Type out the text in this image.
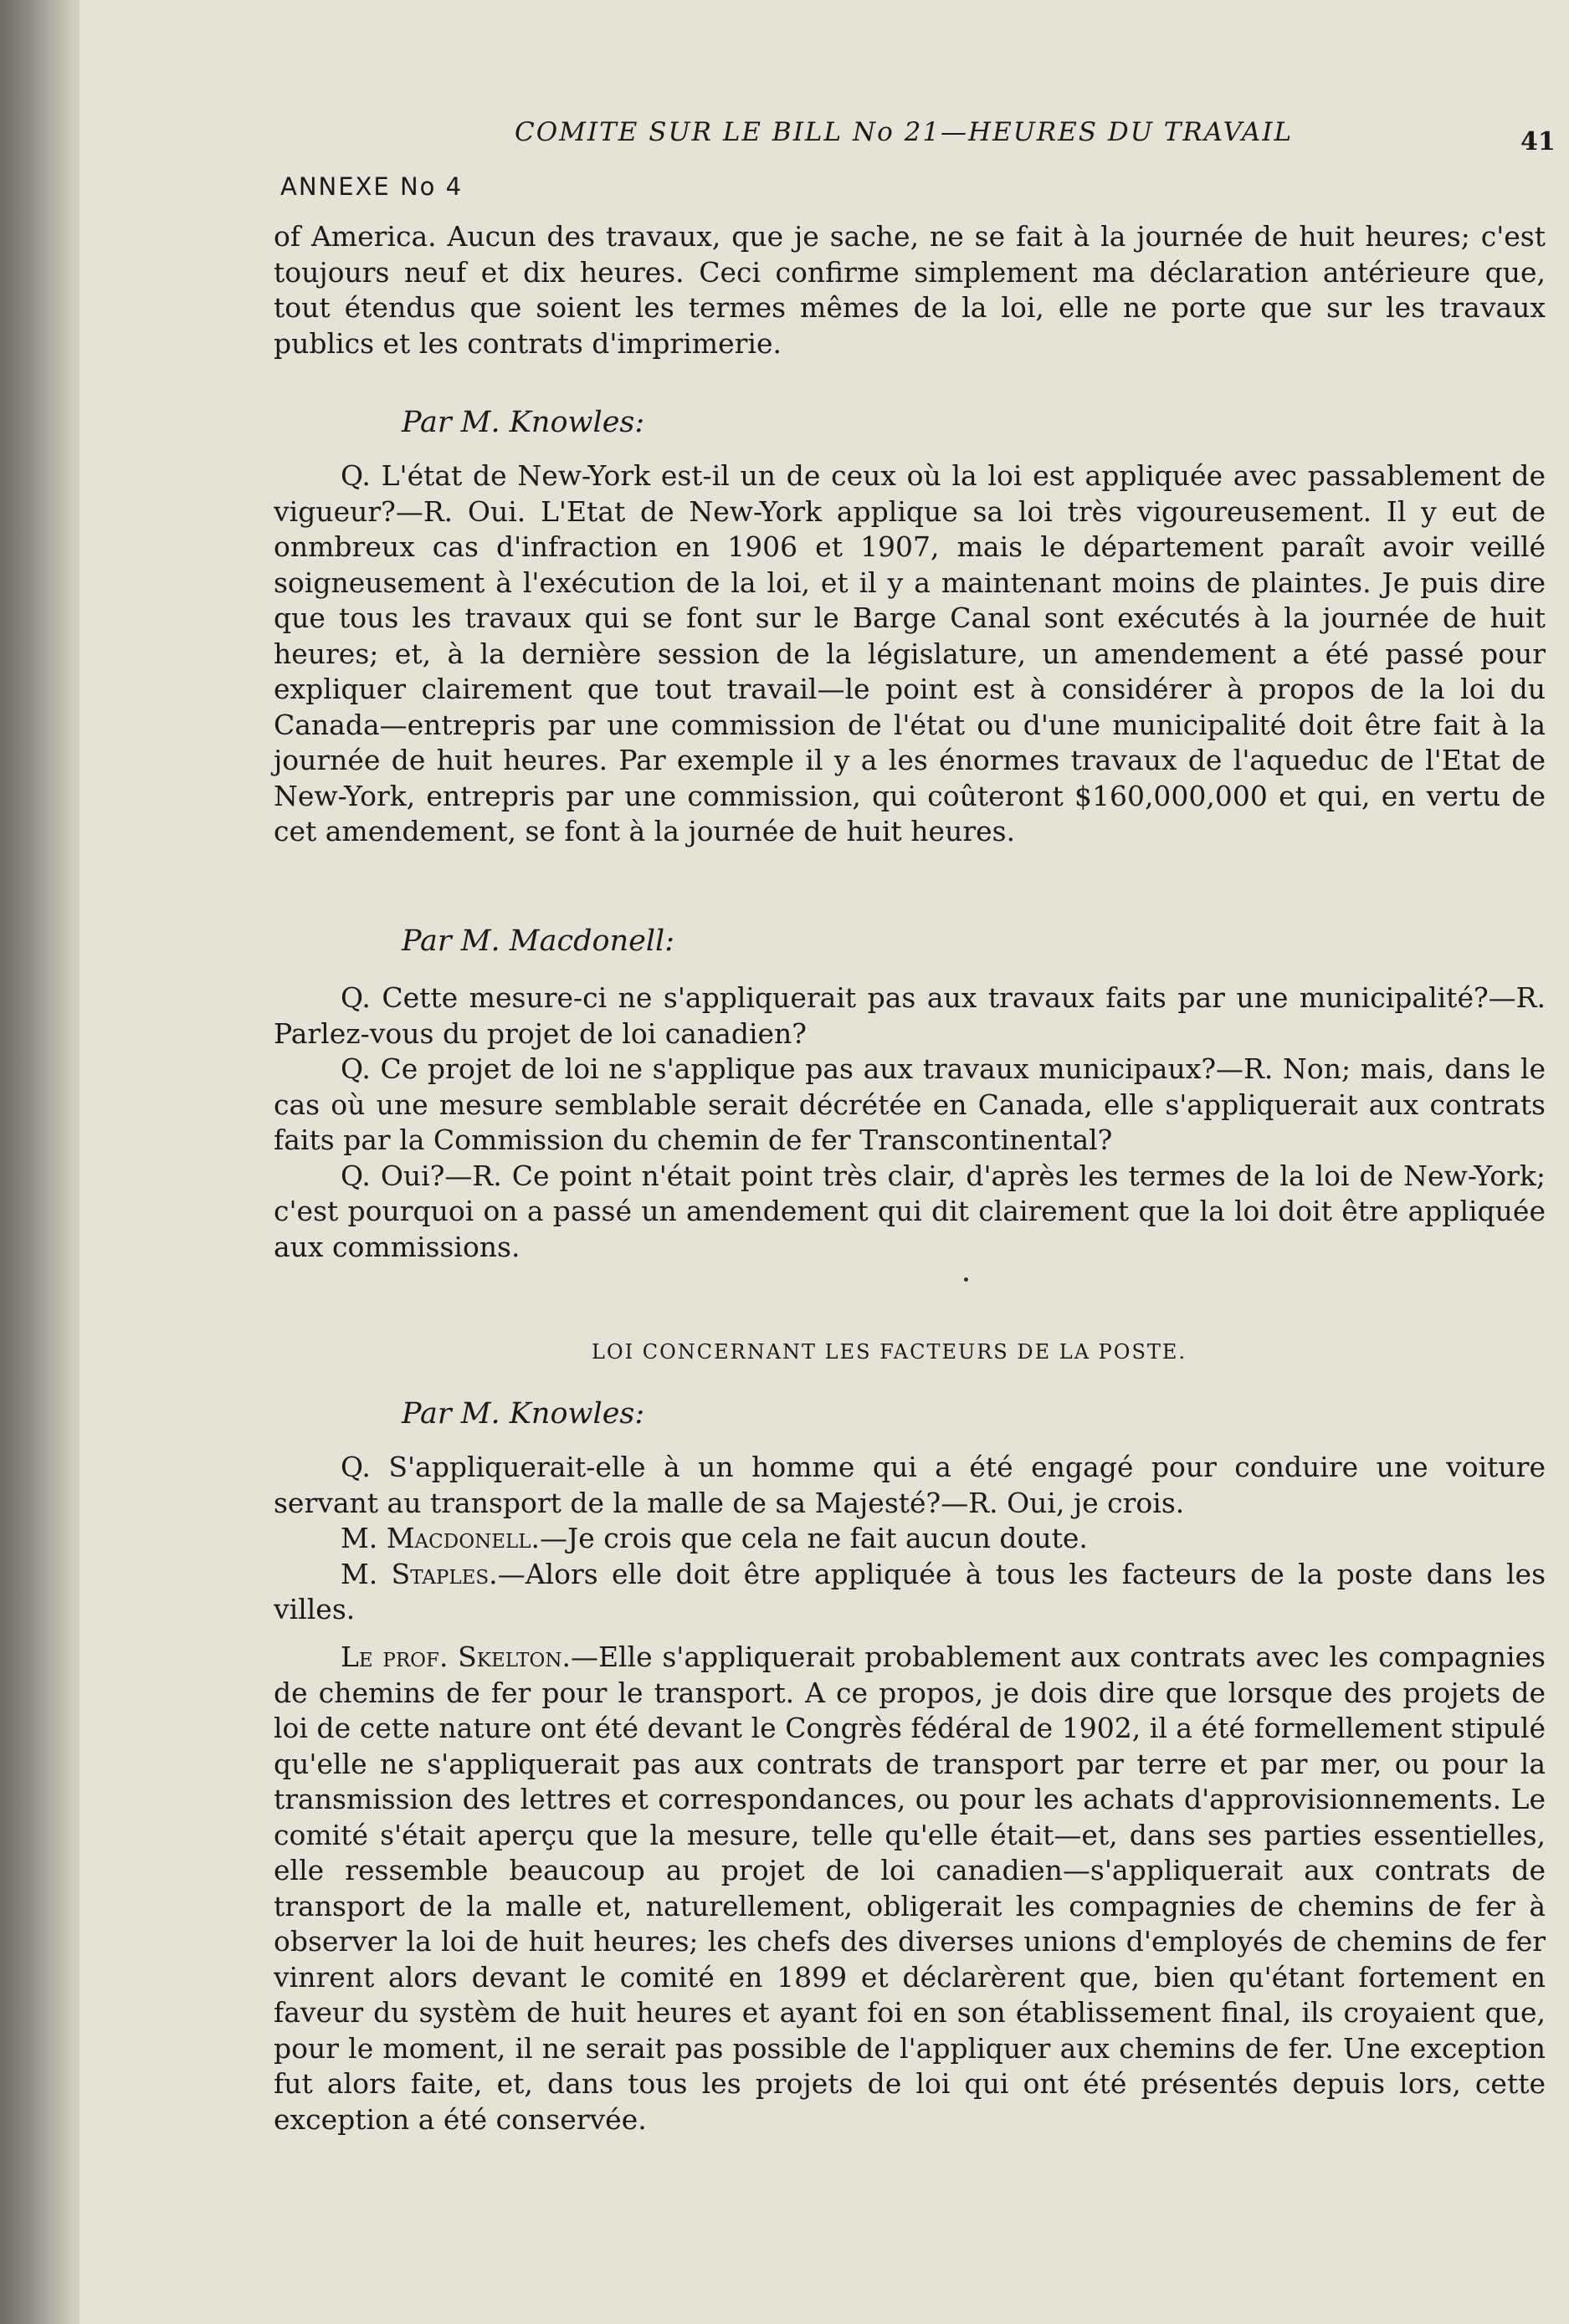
COMITE SUR LE BILL No 21—HEURES DU TRAVAIL	41
ANNEXE No 4

of America. Aucun des travaux, que je sache, ne se fait à la journée de huit heures; c'est toujours neuf et dix heures. Ceci confirme simplement ma déclaration antérieure que, tout étendus que soient les termes mêmes de la loi, elle ne porte que sur les travaux publics et les contrats d'imprimerie.

Par M. Knowles:

Q. L'état de New-York est-il un de ceux où la loi est appliquée avec passablement de vigueur?—R. Oui. L'Etat de New-York applique sa loi très vigoureusement. Il y eut de onmbreux cas d'infraction en 1906 et 1907, mais le département paraît avoir veillé soigneusement à l'exécution de la loi, et il y a maintenant moins de plaintes. Je puis dire que tous les travaux qui se font sur le Barge Canal sont exécutés à la journée de huit heures; et, à la dernière session de la législature, un amendement a été passé pour expliquer clairement que tout travail—le point est à considérer à propos de la loi du Canada—entrepris par une commission de l'état ou d'une municipalité doit être fait à la journée de huit heures. Par exemple il y a les énormes travaux de l'aqueduc de l'Etat de New-York, entrepris par une commission, qui coûteront $160,000,000 et qui, en vertu de cet amendement, se font à la journée de huit heures.

Par M. Macdonell:

Q. Cette mesure-ci ne s'appliquerait pas aux travaux faits par une municipalité?—R. Parlez-vous du projet de loi canadien?

Q. Ce projet de loi ne s'applique pas aux travaux municipaux?—R. Non; mais, dans le cas où une mesure semblable serait décrétée en Canada, elle s'appliquerait aux contrats faits par la Commission du chemin de fer Transcontinental?

Q. Oui?—R. Ce point n'était point très clair, d'après les termes de la loi de New-York; c'est pourquoi on a passé un amendement qui dit clairement que la loi doit être appliquée aux commissions.

LOI CONCERNANT LES FACTEURS DE LA POSTE.
Par M. Knowles:

Q. S'appliquerait-elle à un homme qui a été engagé pour conduire une voiture servant au transport de la malle de sa Majesté?—R. Oui, je crois.

M. Macdonell.—Je crois que cela ne fait aucun doute.

M. Staples.—Alors elle doit être appliquée à tous les facteurs de la poste dans les villes.

Le prof. Skelton.—Elle s'appliquerait probablement aux contrats avec les compagnies de chemins de fer pour le transport. A ce propos, je dois dire que lorsque des projets de loi de cette nature ont été devant le Congrès fédéral de 1902, il a été formellement stipulé qu'elle ne s'appliquerait pas aux contrats de transport par terre et par mer, ou pour la transmission des lettres et correspondances, ou pour les achats d'approvisionnements. Le comité s'était aperçu que la mesure, telle qu'elle était—et, dans ses parties essentielles, elle ressemble beaucoup au projet de loi canadien—s'appliquerait aux contrats de transport de la malle et, naturellement, obligerait les compagnies de chemins de fer à observer la loi de huit heures; les chefs des diverses unions d'employés de chemins de fer vinrent alors devant le comité en 1899 et déclarèrent que, bien qu'étant fortement en faveur du systèm de huit heures et ayant foi en son établissement final, ils croyaient que, pour le moment, il ne serait pas possible de l'appliquer aux chemins de fer. Une exception fut alors faite, et, dans tous les projets de loi qui ont été présentés depuis lors, cette exception a été conservée.
